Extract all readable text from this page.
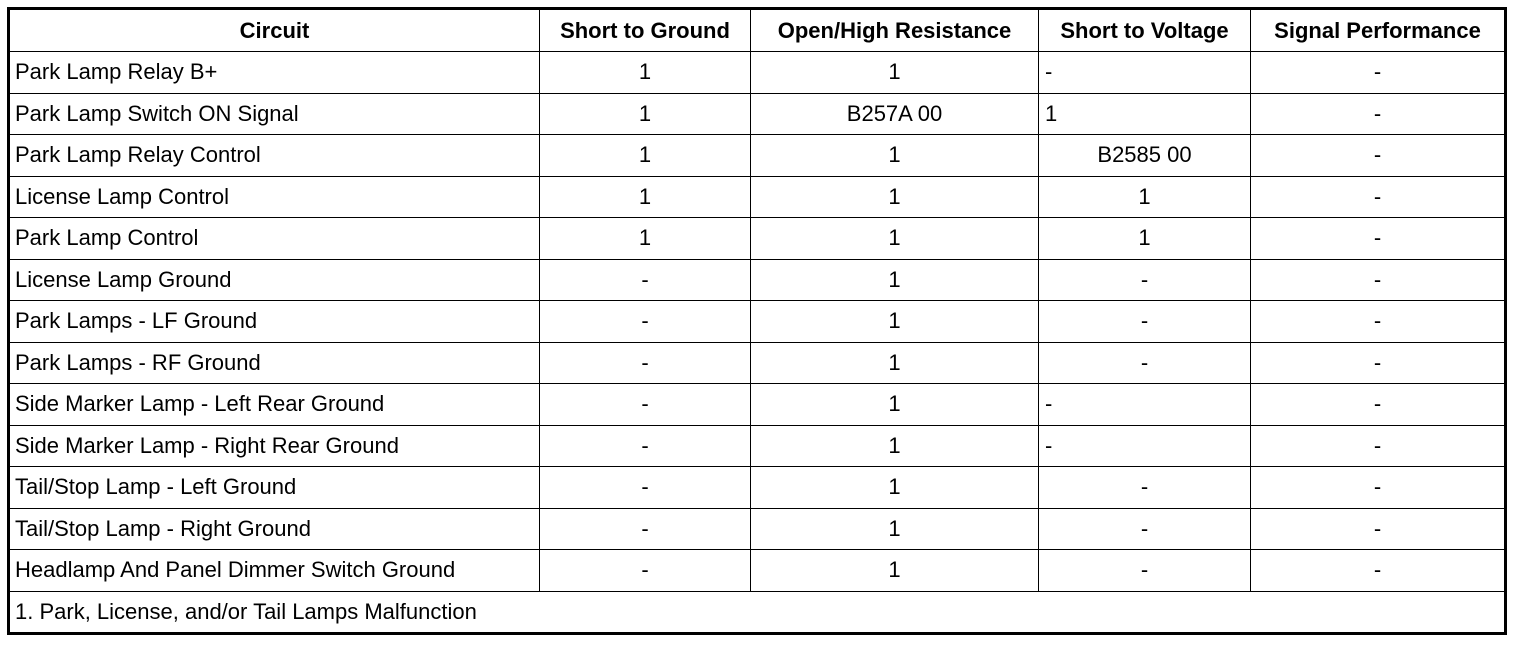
Circuit	Short to Ground	Open/High Resistance	Short to Voltage	Signal Performance
Park Lamp Relay B+	1	1	-	-
Park Lamp Switch ON Signal	1	B257A 00	1	-
Park Lamp Relay Control	1	1	B2585 00	-
License Lamp Control	1	1	1	-
Park Lamp Control	1	1	1	-
License Lamp Ground	-	1	-	-
Park Lamps - LF Ground	-	1	-	-
Park Lamps - RF Ground	-	1	-	-
Side Marker Lamp - Left Rear Ground	-	1	-	-
Side Marker Lamp - Right Rear Ground	-	1	-	-
Tail/Stop Lamp - Left Ground	-	1	-	-
Tail/Stop Lamp - Right Ground	-	1	-	-
Headlamp And Panel Dimmer Switch Ground	-	1	-	-
1. Park, License, and/or Tail Lamps Malfunction				
